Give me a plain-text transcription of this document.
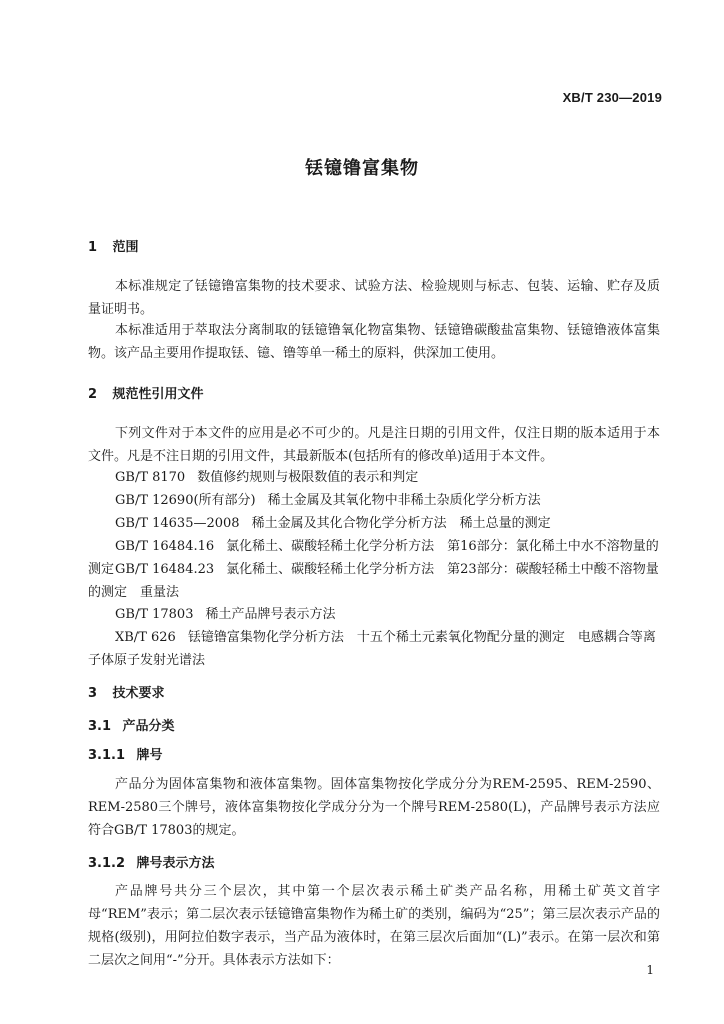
XB/T 230—2019
铥镱镥富集物
1 范围

本标准规定了铥镱镥富集物的技术要求、试验方法、检验规则与标志、包装、运输、贮存及质量证明书。

本标准适用于萃取法分离制取的铥镱镥氧化物富集物、铥镱镥碳酸盐富集物、铥镱镥液体富集物。该产品主要用作提取铥、镱、镥等单一稀土的原料，供深加工使用。

2 规范性引用文件

下列文件对于本文件的应用是必不可少的。凡是注日期的引用文件，仅注日期的版本适用于本文件。凡是不注日期的引用文件，其最新版本(包括所有的修改单)适用于本文件。

GB/T 8170 数值修约规则与极限数值的表示和判定

GB/T 12690(所有部分) 稀土金属及其氧化物中非稀土杂质化学分析方法

GB/T 14635—2008 稀土金属及其化合物化学分析方法　稀土总量的测定

GB/T 16484.16 氯化稀土、碳酸轻稀土化学分析方法　第16部分：氯化稀土中水不溶物量的测定 GB/T 16484.23 氯化稀土、碳酸轻稀土化学分析方法　第23部分：碳酸轻稀土中酸不溶物量的测定　重量法

GB/T 17803 稀土产品牌号表示方法

XB/T 626 铥镱镥富集物化学分析方法　十五个稀土元素氧化物配分量的测定　电感耦合等离子体原子发射光谱法

3 技术要求
3.1 产品分类
3.1.1 牌号

产品分为固体富集物和液体富集物。固体富集物按化学成分分为REM-2595、REM-2590、REM-2580三个牌号，液体富集物按化学成分分为一个牌号REM-2580(L)，产品牌号表示方法应符合GB/T 17803的规定。

3.1.2 牌号表示方法

产品牌号共分三个层次，其中第一个层次表示稀土矿类产品名称，用稀土矿英文首字母“REM”表示；第二层次表示铥镱镥富集物作为稀土矿的类别，编码为“25”；第三层次表示产品的规格(级别)，用阿拉伯数字表示，当产品为液体时，在第三层次后面加“(L)”表示。在第一层次和第二层次之间用“-”分开。具体表示方法如下：

1
